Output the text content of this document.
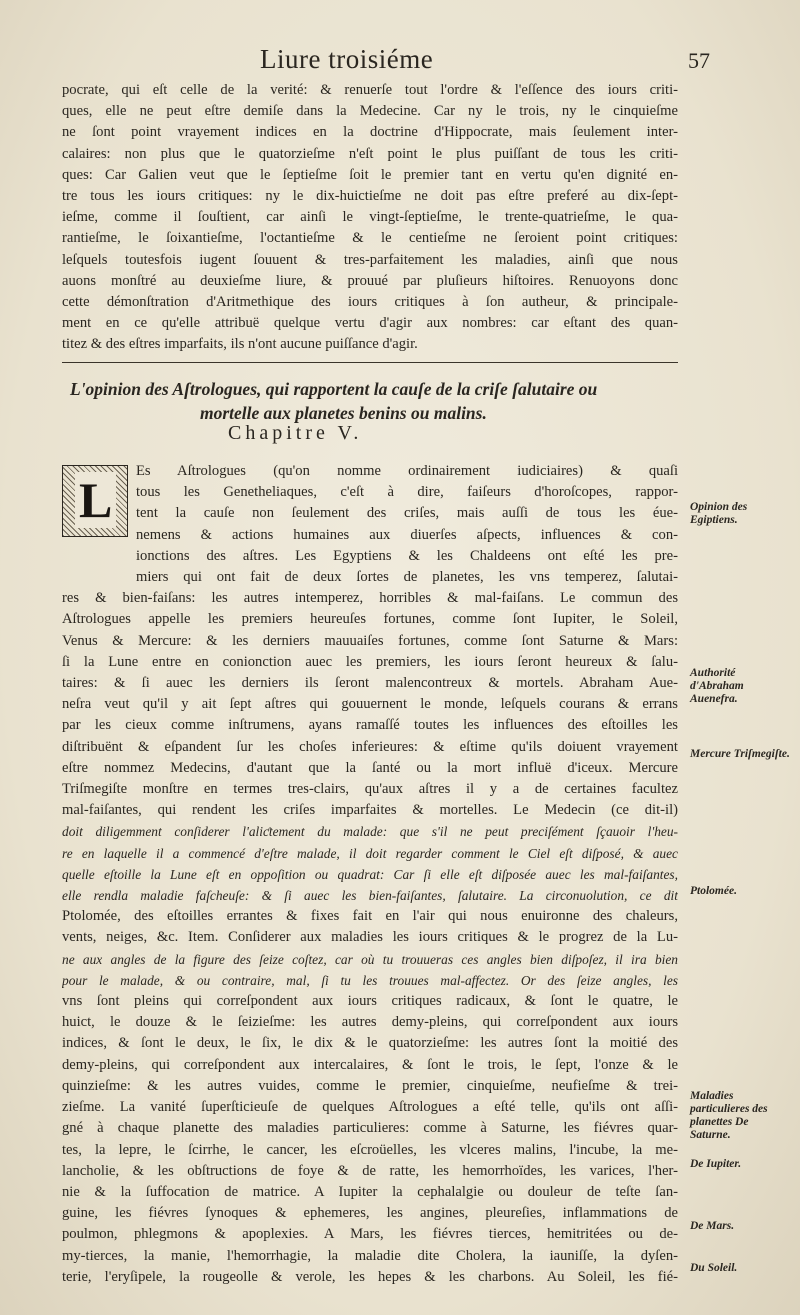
Liure troisiéme	57

pocrate, qui eſt celle de la verité: & renuerſe tout l'ordre & l'eſſence des iours criti-
ques, elle ne peut eſtre demiſe dans la Medecine. Car ny le trois, ny le cinquieſme
ne ſont point vrayement indices en la doctrine d'Hippocrate, mais ſeulement inter-
calaires: non plus que le quatorzieſme n'eſt point le plus puiſſant de tous les criti-
ques: Car Galien veut que le ſeptieſme ſoit le premier tant en vertu qu'en dignité en-
tre tous les iours critiques: ny le dix-huictieſme ne doit pas eſtre preferé au dix-ſept-
ieſme, comme il ſouſtient, car ainſi le vingt-ſeptieſme, le trente-quatrieſme, le qua-
rantieſme, le ſoixantieſme, l'octantieſme & le centieſme ne ſeroient point critiques:
leſquels toutesfois iugent ſouuent & tres-parfaitement les maladies, ainſi que nous
auons monſtré au deuxieſme liure, & prouué par pluſieurs hiſtoires. Renuoyons donc
cette démonſtration d'Aritmethique des iours critiques à ſon autheur, & principale-
ment en ce qu'elle attribuë quelque vertu d'agir aux nombres: car eſtant des quan-
titez & des eſtres imparfaits, ils n'ont aucune puiſſance d'agir.

L'opinion des Aſtrologues, qui rapportent la cauſe de la criſe ſalutaire ou
mortelle aux planetes benins ou malins.
Chapitre V.
L

Es Aſtrologues (qu'on nomme ordinairement iudiciaires) & quaſi
tous les Genetheliaques, c'eſt à dire, faiſeurs d'horoſcopes, rappor-
tent la cauſe non ſeulement des criſes, mais auſſi de tous les éue-
nemens & actions humaines aux diuerſes aſpects, influences & con-
ionctions des aſtres. Les Egyptiens & les Chaldeens ont eſté les pre-
miers qui ont fait de deux ſortes de planetes, les vns temperez, ſalutai-
res & bien-faiſans: les autres intemperez, horribles & mal-faiſans. Le commun des
Aſtrologues appelle les premiers heureuſes fortunes, comme ſont Iupiter, le Soleil,
Venus & Mercure: & les derniers mauuaiſes fortunes, comme ſont Saturne & Mars:
ſi la Lune entre en conionction auec les premiers, les iours ſeront heureux & ſalu-
taires: & ſi auec les derniers ils ſeront malencontreux & mortels. Abraham Aue-
neſra veut qu'il y ait ſept aſtres qui gouuernent le monde, leſquels courans & errans
par les cieux comme inſtrumens, ayans ramaſſé toutes les influences des eſtoilles les
diſtribuënt & eſpandent ſur les choſes inferieures: & eſtime qu'ils doiuent vrayement
eſtre nommez Medecins, d'autant que la ſanté ou la mort influë d'iceux. Mercure
Triſmegiſte monſtre en termes tres-clairs, qu'aux aſtres il y a de certaines facultez
mal-faiſantes, qui rendent les criſes imparfaites & mortelles. Le Medecin (ce dit-il)
doit diligemment conſiderer l'aliƈtement du malade: que s'il ne peut preciſément ſçauoir l'heu-
re en laquelle il a commencé d'eſtre malade, il doit regarder comment le Ciel eſt diſposé, & auec
quelle eſtoille la Lune eſt en oppoſition ou quadrat: Car ſi elle eſt diſposée auec les mal-faiſantes,
elle rendla maladie faſcheuſe: & ſi auec les bien-faiſantes, ſalutaire. La circonuolution, ce dit
Ptolomée, des eſtoilles errantes & fixes fait en l'air qui nous enuironne des chaleurs,
vents, neiges, &c. Item. Conſiderer aux maladies les iours critiques & le progrez de la Lu-
ne aux angles de la figure des ſeize coſtez, car où tu trouueras ces angles bien diſpoſez, il ira bien
pour le malade, & ou contraire, mal, ſi tu les trouues mal-affectez. Or des ſeize angles, les
vns ſont pleins qui correſpondent aux iours critiques radicaux, & ſont le quatre, le
huict, le douze & le ſeizieſme: les autres demy-pleins, qui correſpondent aux iours
indices, & ſont le deux, le ſix, le dix & le quatorzieſme: les autres ſont la moitié des
demy-pleins, qui correſpondent aux intercalaires, & ſont le trois, le ſept, l'onze & le
quinzieſme: & les autres vuides, comme le premier, cinquieſme, neufieſme & trei-
zieſme. La vanité ſuperſticieuſe de quelques Aſtrologues a eſté telle, qu'ils ont aſſi-
gné à chaque planette des maladies particulieres: comme à Saturne, les fiévres quar-
tes, la lepre, le ſcirrhe, le cancer, les eſcroüelles, les vlceres malins, l'incube, la me-
lancholie, & les obſtructions de foye & de ratte, les hemorrhoïdes, les varices, l'her-
nie & la ſuffocation de matrice. A Iupiter la cephalalgie ou douleur de teſte ſan-
guine, les fiévres ſynoques & ephemeres, les angines, pleureſies, inflammations de
poulmon, phlegmons & apoplexies. A Mars, les fiévres tierces, hemitritées ou de-
my-tierces, la manie, l'hemorrhagie, la maladie dite Cholera, la iauniſſe, la dyſen-
terie, l'eryſipele, la rougeolle & verole, les hepes & les charbons. Au Soleil, les fié-

Opinion des Egiptiens.
Authorité d'Abraham Auenefra.
Mercure Triſmegiſte.
Ptolomée.
Maladies particulieres des planettes De Saturne.
De Iupiter.
De Mars.
Du Soleil.
